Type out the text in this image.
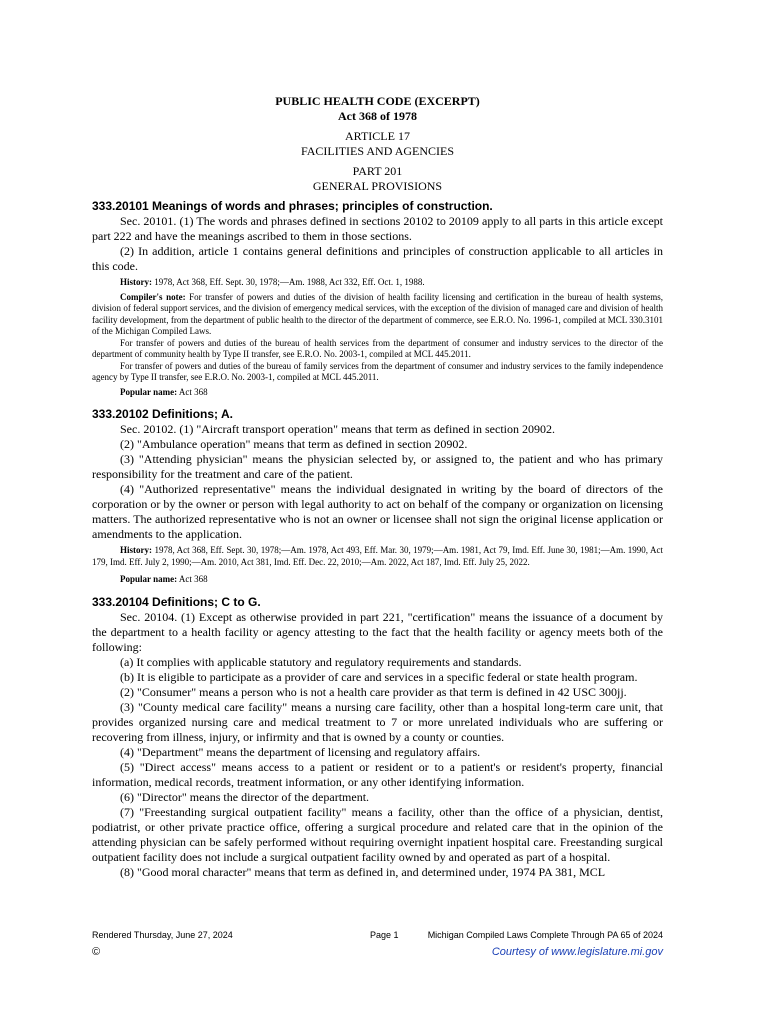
PUBLIC HEALTH CODE (EXCERPT)
Act 368 of 1978
ARTICLE 17
FACILITIES AND AGENCIES
PART 201
GENERAL PROVISIONS
333.20101 Meanings of words and phrases; principles of construction.

Sec. 20101. (1) The words and phrases defined in sections 20102 to 20109 apply to all parts in this article except part 222 and have the meanings ascribed to them in those sections.

(2) In addition, article 1 contains general definitions and principles of construction applicable to all articles in this code.

History: 1978, Act 368, Eff. Sept. 30, 1978;—Am. 1988, Act 332, Eff. Oct. 1, 1988.

Compiler's note: For transfer of powers and duties of the division of health facility licensing and certification in the bureau of health systems, division of federal support services, and the division of emergency medical services, with the exception of the division of managed care and division of health facility development, from the department of public health to the director of the department of commerce, see E.R.O. No. 1996-1, compiled at MCL 330.3101 of the Michigan Compiled Laws.

For transfer of powers and duties of the bureau of health services from the department of consumer and industry services to the director of the department of community health by Type II transfer, see E.R.O. No. 2003-1, compiled at MCL 445.2011.

For transfer of powers and duties of the bureau of family services from the department of consumer and industry services to the family independence agency by Type II transfer, see E.R.O. No. 2003-1, compiled at MCL 445.2011.

Popular name: Act 368

333.20102 Definitions; A.

Sec. 20102. (1) "Aircraft transport operation" means that term as defined in section 20902.

(2) "Ambulance operation" means that term as defined in section 20902.

(3) "Attending physician" means the physician selected by, or assigned to, the patient and who has primary responsibility for the treatment and care of the patient.

(4) "Authorized representative" means the individual designated in writing by the board of directors of the corporation or by the owner or person with legal authority to act on behalf of the company or organization on licensing matters. The authorized representative who is not an owner or licensee shall not sign the original license application or amendments to the application.

History: 1978, Act 368, Eff. Sept. 30, 1978;—Am. 1978, Act 493, Eff. Mar. 30, 1979;—Am. 1981, Act 79, Imd. Eff. June 30, 1981;—Am. 1990, Act 179, Imd. Eff. July 2, 1990;—Am. 2010, Act 381, Imd. Eff. Dec. 22, 2010;—Am. 2022, Act 187, Imd. Eff. July 25, 2022.

Popular name: Act 368

333.20104 Definitions; C to G.

Sec. 20104. (1) Except as otherwise provided in part 221, "certification" means the issuance of a document by the department to a health facility or agency attesting to the fact that the health facility or agency meets both of the following:

(a) It complies with applicable statutory and regulatory requirements and standards.

(b) It is eligible to participate as a provider of care and services in a specific federal or state health program.

(2) "Consumer" means a person who is not a health care provider as that term is defined in 42 USC 300jj.

(3) "County medical care facility" means a nursing care facility, other than a hospital long-term care unit, that provides organized nursing care and medical treatment to 7 or more unrelated individuals who are suffering or recovering from illness, injury, or infirmity and that is owned by a county or counties.

(4) "Department" means the department of licensing and regulatory affairs.

(5) "Direct access" means access to a patient or resident or to a patient's or resident's property, financial information, medical records, treatment information, or any other identifying information.

(6) "Director" means the director of the department.

(7) "Freestanding surgical outpatient facility" means a facility, other than the office of a physician, dentist, podiatrist, or other private practice office, offering a surgical procedure and related care that in the opinion of the attending physician can be safely performed without requiring overnight inpatient hospital care. Freestanding surgical outpatient facility does not include a surgical outpatient facility owned by and operated as part of a hospital.

(8) "Good moral character" means that term as defined in, and determined under, 1974 PA 381, MCL

Rendered Thursday, June 27, 2024	Page 1	Michigan Compiled Laws Complete Through PA 65 of 2024
©	Courtesy of www.legislature.mi.gov
